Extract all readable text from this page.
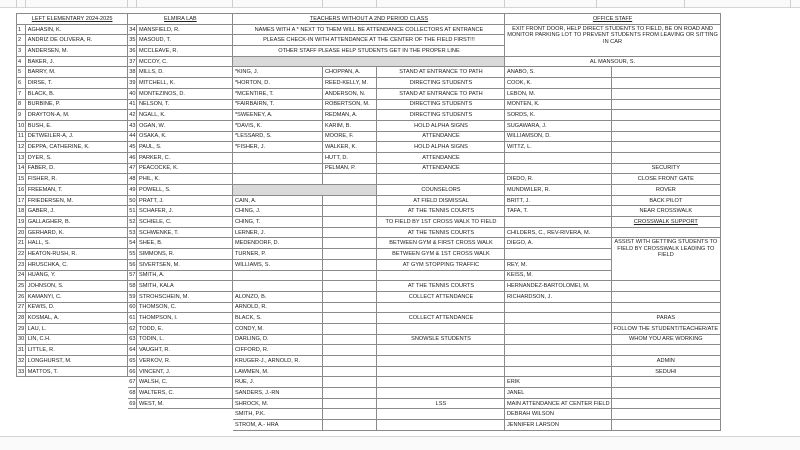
LEFT ELEMENTARY 2024-2025		ELMIRA LAB		TEACHERS WITHOUT A 2ND PERIOD CLASS			OFFICE STAFF	
1	AGHASIN, K.	34	MANSFIELD, R.	NAMES WITH A * NEXT TO THEM WILL BE ATTENDANCE COLLECTORS AT ENTRANCE			EXIT FRONT DOOR, HELP DIRECT STUDENTS TO FIELD, BE ON ROAD AND MONITOR PARKING LOT TO PREVENT STUDENTS FROM LEAVING OR SITTING IN CAR	
2	ANDRIZ DE OLIVERA, R.	35	MASOUD, T.	PLEASE CHECK-IN WITH ATTENDANCE AT THE CENTER OF THE FIELD FIRST!!!				
3	ANDERSEN, M.	36	MCCLEAVE, R.	OTHER STAFF PLEASE HELP STUDENTS GET IN THE PROPER LINE				
4	BAKER, J.	37	MCCOY, C.				AL MANSOUR, S.	
5	BARRY, M.	38	MILLS, D.	*KING, J.	CHOPPAN, A.	STAND AT ENTRANCE TO PATH	ANABO, S.	
6	DIRSE, T.	39	MITCHELL, K.	*HORTON, D.	REED-KELLY, M.	DIRECTING STUDENTS	COOK, K.	
7	BLACK, B.	40	MONTEZINOS, D.	*MCENTIRE, T.	ANDERSON, N.	STAND AT ENTRANCE TO PATH	LEBON, M.	
8	BURBINE, P.	41	NELSON, T.	*FAIRBAIRN, T.	ROBERTSON, M.	DIRECTING STUDENTS	MONTEN, K.	
9	DRAYTON-A, M.	42	NGALL, K.	*SWEENEY, A.	REDMAN, A.	DIRECTING STUDENTS	SORDS, K.	
10	BUSH, E.	43	OGAN, W.	*DAVIS, K.	KARIM, B.	HOLD ALPHA SIGNS	SUGAWARA, J.	
11	DETWEILER-A, J.	44	OSAKA, K.	*LESSARD, S.	MOORE, F.	ATTENDANCE	WILLIAMSON, D.	
12	DEPPA, CATHERINE, K.	45	PAUL, S.	*FISHER, J.	WALKER, K.	HOLD ALPHA SIGNS	WITTZ, L.	
13	DYER, S.	46	PARKER, C.		HUTT, D.	ATTENDANCE		
14	FABER, D.	47	PEACOCKE, K.		PELMAN, P.	ATTENDANCE		SECURITY
15	FISHER, R.	48	PHIL, K.				DIEDO, R.	CLOSE FRONT GATE
16	FREEMAN, T.	49	POWELL, S.			COUNSELORS	MUNDWILER, R.	ROVER
17	FRIEDERSEN, M.	50	PRATT, J.	CAIN, A.		AT FIELD DISMISSAL	BRITT, J.	BACK PILOT
18	GABER, J.	51	SCHAFER, J.	CHING, J.		AT THE TENNIS COURTS	TAFA, T.	NEAR CROSSWALK
19	GALLAGHER, B.	52	SCHIELE, C.	CHING, T.		TO FIELD BY 1ST CROSS WALK TO FIELD		CROSSWALK SUPPORT
20	GERHARD, K.	53	SCHWENKE, T.	LERNER, J.		AT THE TENNIS COURTS	CHILDERS, C., REV-RIVERA, M.	
21	HALL, S.	54	SHEE, B.	MEDENDORF, D.		BETWEEN GYM & FIRST CROSS WALK	DIEGO, A.	ASSIST WITH GETTING STUDENTS TO FIELD BY CROSSWALK LEADING TO FIELD
22	HEATON-RUSH, R.	55	SIMMONS, R.	TURNER, P.		BETWEEN GYM & 1ST CROSS WALK		
23	HRUSCHKA, C.	56	SIVERTSEN, M.	WILLIAMS, S.		AT GYM STOPPING TRAFFIC	REY, M.	
24	HUANG, Y.	57	SMITH, A.				KEISS, M.	
25	JOHNSON, S.	58	SMITH, KALA			AT THE TENNIS COURTS	HERNANDEZ-BARTOLOMEI, M.	
26	KAMANYI, C.	59	STROHSCHEIN, M.	ALONZO, B.		COLLECT ATTENDANCE	RICHARDSON, J.	
27	KEWIS, D.	60	THOMSON, C.	ARNOLD, R.				
28	KOSMAL, A.	61	THOMPSON, I.	BLACK, S.		COLLECT ATTENDANCE		PARAS
29	LAU, L.	62	TODD, E.	CONDY, M.				FOLLOW THE STUDENT/TEACHER/ATE
30	LIN, C.H.	63	TODIN, L.	DARLING, D.		SNOWSLE STUDENTS		WHOM YOU ARE WORKING
31	LITTLE, R.	64	VAUGHT, R.	CIFFORD, R.				
32	LONGHURST, M.	65	VERKOV, R.	KRUGER-J., ARNOLD, R.				ADMIN
33	MATTOS, T.	66	VINCENT, J.	LAWMEN, M.				SEDUHI
		67	WALSH, C.	RUE, J.			ERIK	
		68	WALTERS, C.	SANDERS, J.-RN			JANEL	
		69	WEST, M.	SHROCK, M.		LSS	MAIN ATTENDANCE AT CENTER FIELD	
				SMITH, P.K.			DEBRAH WILSON	
				STROM, A.- HRA			JENNIFER LARSON	
